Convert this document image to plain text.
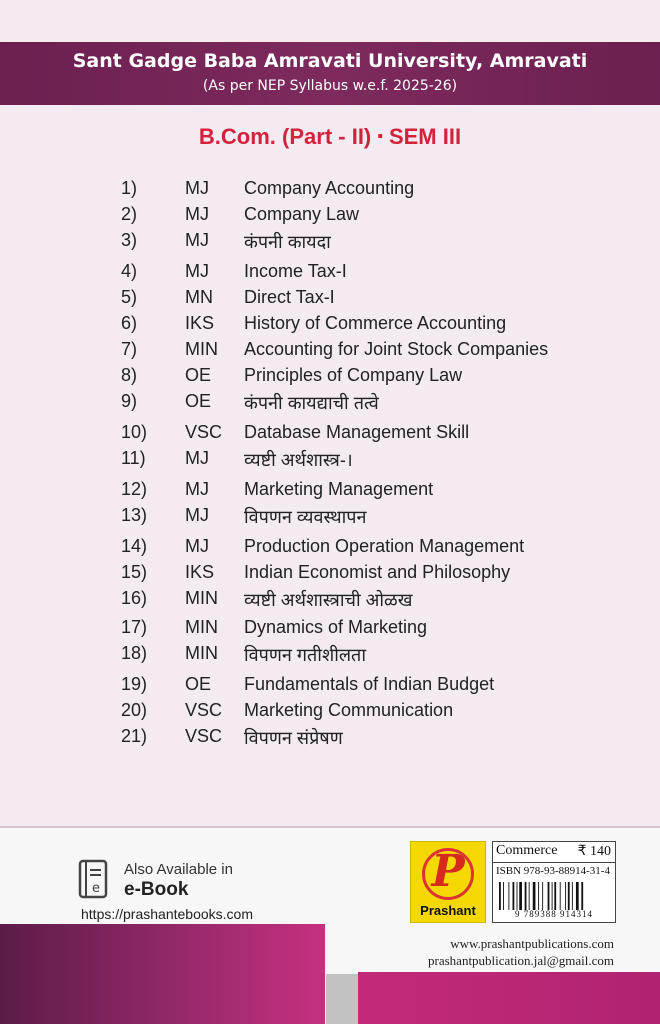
Sant Gadge Baba Amravati University, Amravati
(As per NEP Syllabus w.e.f. 2025-26)
B.Com. (Part - II) ▪ SEM III
1)	MJ Company Accounting
2)	MJ Company Law
3)	MJ कंपनी कायदा
4)	MJ Income Tax-I
5)	MN Direct Tax-I
6)	IKS History of Commerce Accounting
7)	MIN Accounting for Joint Stock Companies
8)	OE Principles of Company Law
9)	OE कंपनी कायद्याची तत्वे
10) VSC Database Management Skill
11) MJ व्यष्टी अर्थशास्त्र-।
12) MJ Marketing Management
13) MJ विपणन व्यवस्थापन
14) MJ Production Operation Management
15) IKS Indian Economist and Philosophy
16) MIN व्यष्टी अर्थशास्त्राची ओळख
17) MIN Dynamics of Marketing
18) MIN विपणन गतीशीलता
19) OE Fundamentals of Indian Budget
20) VSC Marketing Communication
21) VSC विपणन संप्रेषण
e
Also Available in
e-Book
https://prashantebooks.com
P
Prashant
Commerce ₹ 140
ISBN 978-93-88914-31-4
9 789388 914314
www.prashantpublications.com
prashantpublication.jal@gmail.com
